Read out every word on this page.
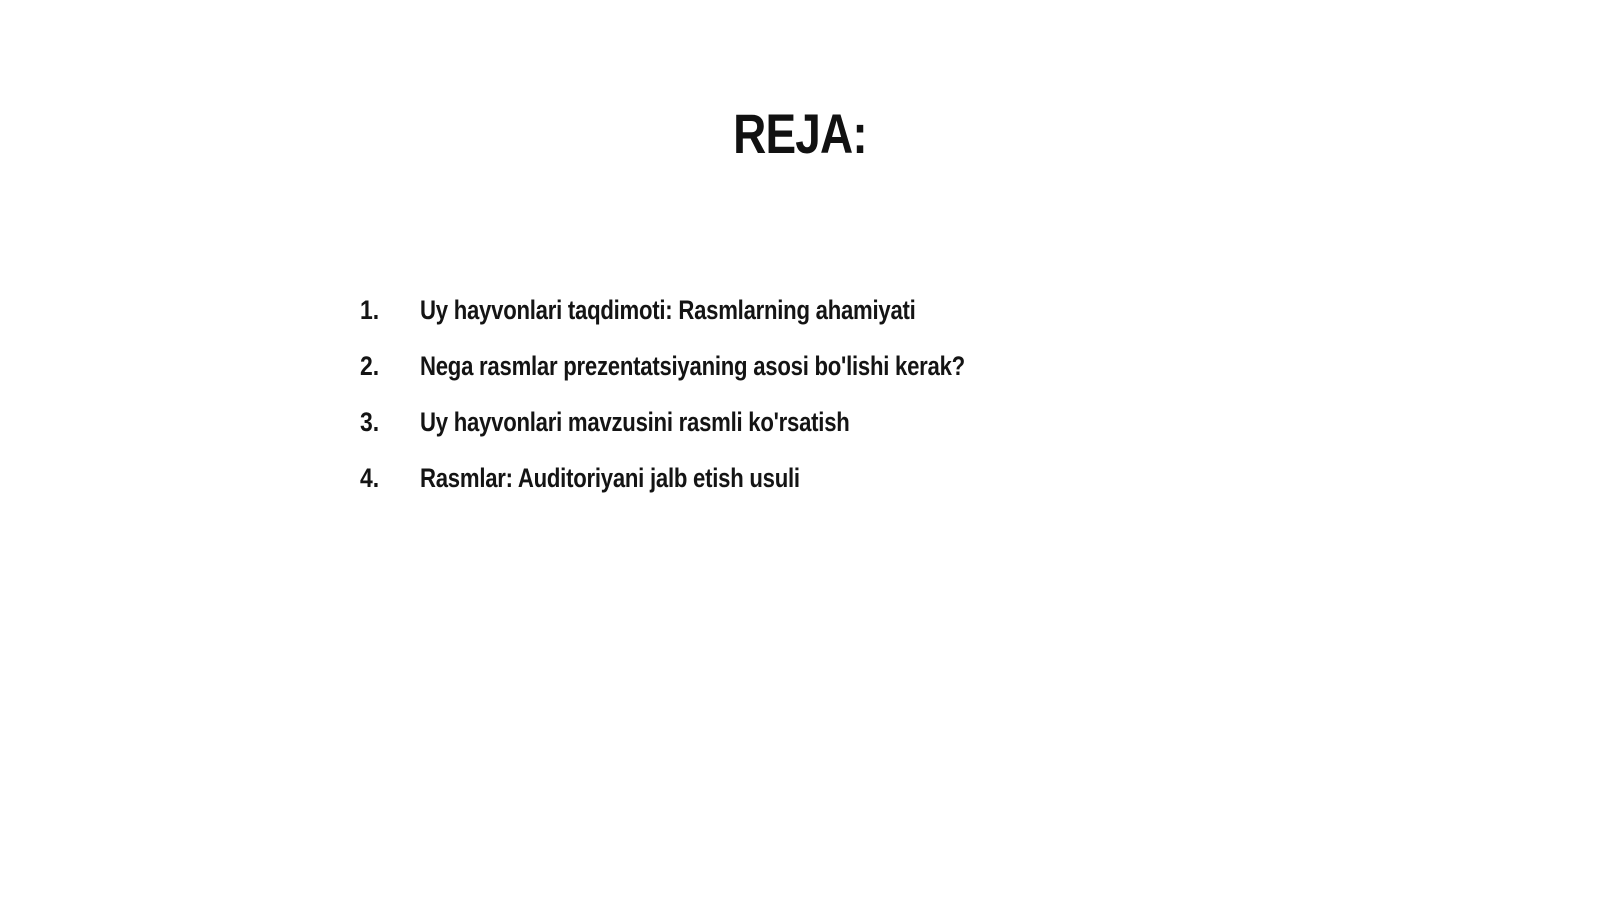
REJA:
1.	Uy hayvonlari taqdimoti: Rasmlarning ahamiyati
2.	Nega rasmlar prezentatsiyaning asosi bo'lishi kerak?
3.	Uy hayvonlari mavzusini rasmli ko'rsatish
4.	Rasmlar: Auditoriyani jalb etish usuli
